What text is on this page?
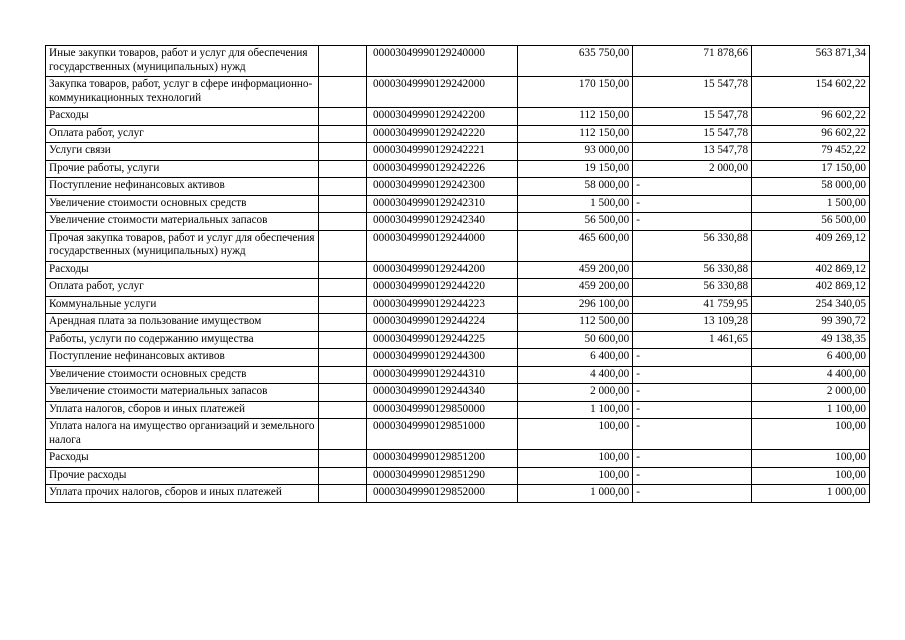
Иные закупки товаров, работ и услуг для обеспечения государственных (муниципальных) нужд		00003049990129240000	635 750,00	71 878,66	563 871,34
Закупка товаров, работ, услуг в сфере информационно-коммуникационных технологий		00003049990129242000	170 150,00	15 547,78	154 602,22
Расходы		00003049990129242200	112 150,00	15 547,78	96 602,22
Оплата работ, услуг		00003049990129242220	112 150,00	15 547,78	96 602,22
Услуги связи		00003049990129242221	93 000,00	13 547,78	79 452,22
Прочие работы, услуги		00003049990129242226	19 150,00	2 000,00	17 150,00
Поступление нефинансовых активов		00003049990129242300	58 000,00	-	58 000,00
Увеличение стоимости основных средств		00003049990129242310	1 500,00	-	1 500,00
Увеличение стоимости материальных запасов		00003049990129242340	56 500,00	-	56 500,00
Прочая закупка товаров, работ и услуг для обеспечения государственных (муниципальных) нужд		00003049990129244000	465 600,00	56 330,88	409 269,12
Расходы		00003049990129244200	459 200,00	56 330,88	402 869,12
Оплата работ, услуг		00003049990129244220	459 200,00	56 330,88	402 869,12
Коммунальные услуги		00003049990129244223	296 100,00	41 759,95	254 340,05
Арендная плата за пользование имуществом		00003049990129244224	112 500,00	13 109,28	99 390,72
Работы, услуги по содержанию имущества		00003049990129244225	50 600,00	1 461,65	49 138,35
Поступление нефинансовых активов		00003049990129244300	6 400,00	-	6 400,00
Увеличение стоимости основных средств		00003049990129244310	4 400,00	-	4 400,00
Увеличение стоимости материальных запасов		00003049990129244340	2 000,00	-	2 000,00
Уплата налогов, сборов и иных платежей		00003049990129850000	1 100,00	-	1 100,00
Уплата налога на имущество организаций и земельного налога		00003049990129851000	100,00	-	100,00
Расходы		00003049990129851200	100,00	-	100,00
Прочие расходы		00003049990129851290	100,00	-	100,00
Уплата прочих налогов, сборов и иных платежей		00003049990129852000	1 000,00	-	1 000,00
